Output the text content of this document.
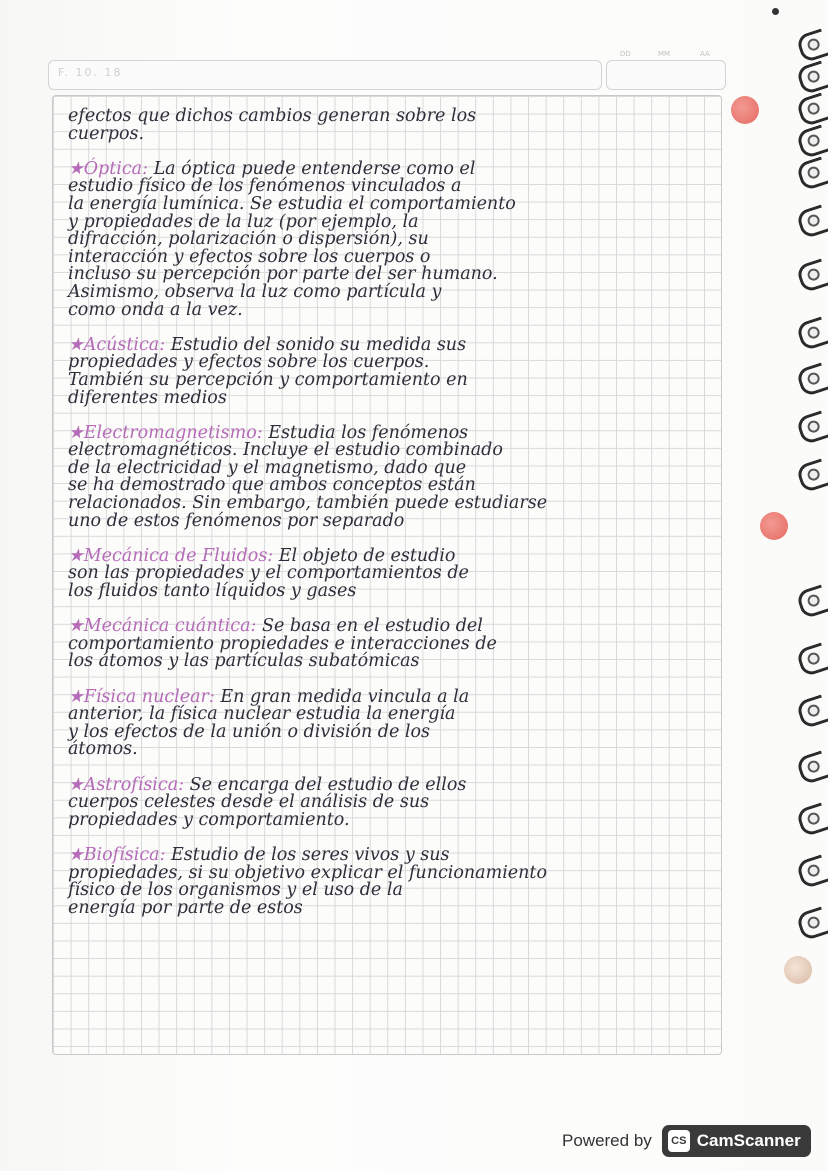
F. 10. 18
DD	MM	AA
efectos que dichos cambios generan sobre los
cuerpos.
★Óptica: La óptica puede entenderse como el
estudio físico de los fenómenos vinculados a
la energía lumínica. Se estudia el comportamiento
y propiedades de la luz (por ejemplo, la
difracción, polarización o dispersión), su
interacción y efectos sobre los cuerpos o
incluso su percepción por parte del ser humano.
Asimismo, observa la luz como partícula y
como onda a la vez.
★Acústica: Estudio del sonido su medida sus
propiedades y efectos sobre los cuerpos.
También su percepción y comportamiento en
diferentes medios
★Electromagnetismo: Estudia los fenómenos
electromagnéticos. Incluye el estudio combinado
de la electricidad y el magnetismo, dado que
se ha demostrado que ambos conceptos están
relacionados. Sin embargo, también puede estudiarse
uno de estos fenómenos por separado
★Mecánica de Fluidos: El objeto de estudio
son las propiedades y el comportamientos de
los fluidos tanto líquidos y gases
★Mecánica cuántica: Se basa en el estudio del
comportamiento propiedades e interacciones de
los átomos y las partículas subatómicas
★Física nuclear: En gran medida vincula a la
anterior, la física nuclear estudia la energía
y los efectos de la unión o división de los
átomos.
★Astrofísica: Se encarga del estudio de ellos
cuerpos celestes desde el análisis de sus
propiedades y comportamiento.
★Biofísica: Estudio de los seres vivos y sus
propiedades, si su objetivo explicar el funcionamiento
físico de los organismos y el uso de la
energía por parte de estos
Powered by	CS CamScanner
